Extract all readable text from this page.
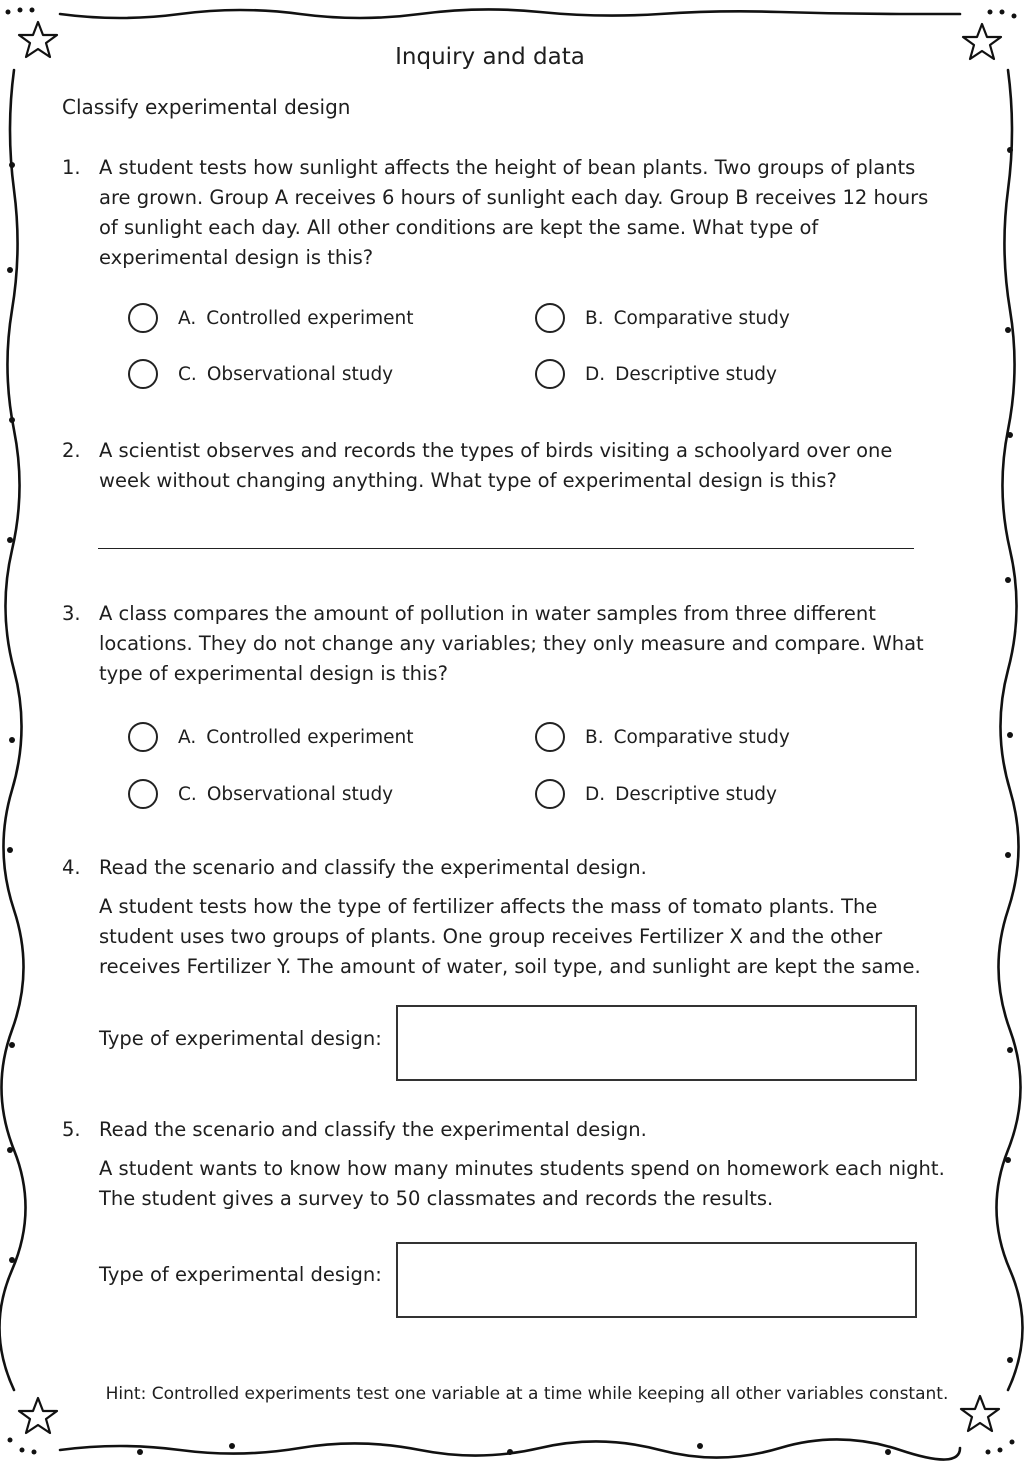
Inquiry and data
Classify experimental design
1. A student tests how sunlight affects the height of bean plants. Two groups of plants are grown. Group A receives 6 hours of sunlight each day. Group B receives 12 hours of sunlight each day. All other conditions are kept the same. What type of experimental design is this?
A. Controlled experiment	B. Comparative study
C. Observational study	D. Descriptive study
2. A scientist observes and records the types of birds visiting a schoolyard over one week without changing anything. What type of experimental design is this?
3. A class compares the amount of pollution in water samples from three different locations. They do not change any variables; they only measure and compare. What type of experimental design is this?
A. Controlled experiment	B. Comparative study
C. Observational study	D. Descriptive study
4. Read the scenario and classify the experimental design.
A student tests how the type of fertilizer affects the mass of tomato plants. The student uses two groups of plants. One group receives Fertilizer X and the other receives Fertilizer Y. The amount of water, soil type, and sunlight are kept the same.
Type of experimental design:
5. Read the scenario and classify the experimental design.
A student wants to know how many minutes students spend on homework each night. The student gives a survey to 50 classmates and records the results.
Type of experimental design:
Hint: Controlled experiments test one variable at a time while keeping all other variables constant.
